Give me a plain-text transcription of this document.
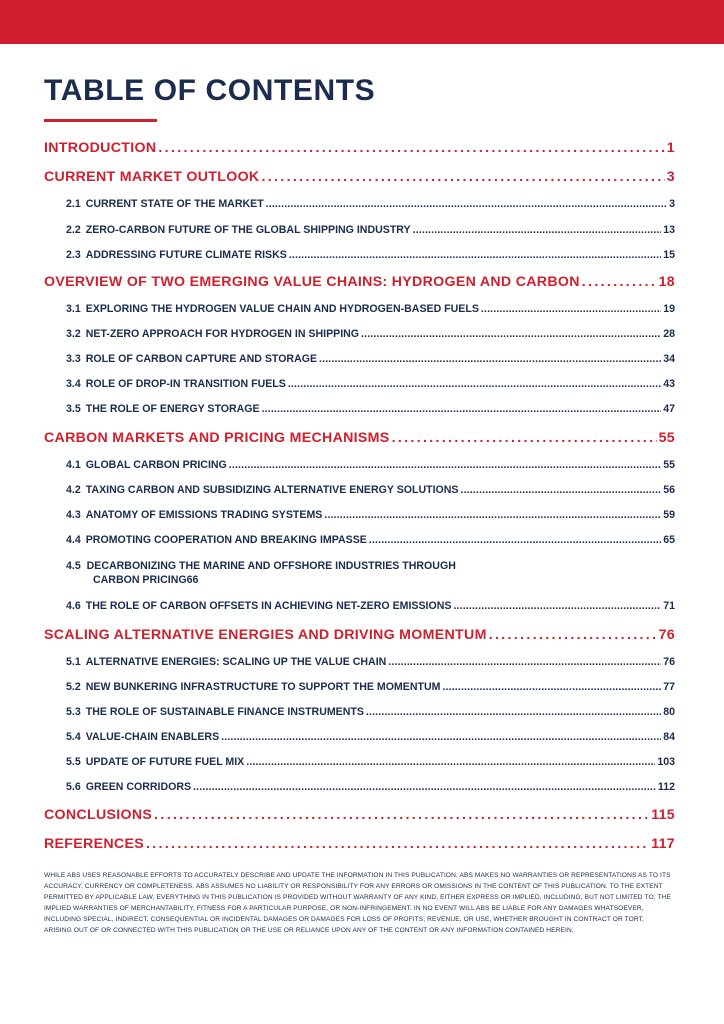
TABLE OF CONTENTS
INTRODUCTION . . .	1
CURRENT MARKET OUTLOOK . . .	3
2.1 CURRENT STATE OF THE MARKET . . .	3
2.2 ZERO-CARBON FUTURE OF THE GLOBAL SHIPPING INDUSTRY . . .	13
2.3 ADDRESSING FUTURE CLIMATE RISKS . . .	15
OVERVIEW OF TWO EMERGING VALUE CHAINS: HYDROGEN AND CARBON . . .	18
3.1 EXPLORING THE HYDROGEN VALUE CHAIN AND HYDROGEN-BASED FUELS . . .	19
3.2 NET-ZERO APPROACH FOR HYDROGEN IN SHIPPING . . .	28
3.3 ROLE OF CARBON CAPTURE AND STORAGE . . .	34
3.4 ROLE OF DROP-IN TRANSITION FUELS . . .	43
3.5 THE ROLE OF ENERGY STORAGE . . .	47
CARBON MARKETS AND PRICING MECHANISMS . . .	55
4.1 GLOBAL CARBON PRICING . . .	55
4.2 TAXING CARBON AND SUBSIDIZING ALTERNATIVE ENERGY SOLUTIONS . . .	56
4.3 ANATOMY OF EMISSIONS TRADING SYSTEMS . . .	59
4.4 PROMOTING COOPERATION AND BREAKING IMPASSE . . .	65
4.5 DECARBONIZING THE MARINE AND OFFSHORE INDUSTRIES THROUGH
CARBON PRICING 66
4.6 THE ROLE OF CARBON OFFSETS IN ACHIEVING NET-ZERO EMISSIONS . . .	71
SCALING ALTERNATIVE ENERGIES AND DRIVING MOMENTUM . . .	76
5.1 ALTERNATIVE ENERGIES: SCALING UP THE VALUE CHAIN . . .	76
5.2 NEW BUNKERING INFRASTRUCTURE TO SUPPORT THE MOMENTUM . . .	77
5.3 THE ROLE OF SUSTAINABLE FINANCE INSTRUMENTS . . .	80
5.4 VALUE-CHAIN ENABLERS . . .	84
5.5 UPDATE OF FUTURE FUEL MIX . . .	103
5.6 GREEN CORRIDORS . . .	112
CONCLUSIONS . . .	115
REFERENCES . . .	117

WHILE ABS USES REASONABLE EFFORTS TO ACCURATELY DESCRIBE AND UPDATE THE INFORMATION IN THIS PUBLICATION, ABS MAKES NO WARRANTIES OR REPRESENTATIONS AS TO ITS ACCURACY, CURRENCY OR COMPLETENESS. ABS ASSUMES NO LIABILITY OR RESPONSIBILITY FOR ANY ERRORS OR OMISSIONS IN THE CONTENT OF THIS PUBLICATION. TO THE EXTENT PERMITTED BY APPLICABLE LAW, EVERYTHING IN THIS PUBLICATION IS PROVIDED WITHOUT WARRANTY OF ANY KIND, EITHER EXPRESS OR IMPLIED, INCLUDING, BUT NOT LIMITED TO, THE IMPLIED WARRANTIES OF MERCHANTABILITY, FITNESS FOR A PARTICULAR PURPOSE, OR NON-INFRINGEMENT. IN NO EVENT WILL ABS BE LIABLE FOR ANY DAMAGES WHATSOEVER, INCLUDING SPECIAL, INDIRECT, CONSEQUENTIAL OR INCIDENTAL DAMAGES OR DAMAGES FOR LOSS OF PROFITS, REVENUE, OR USE, WHETHER BROUGHT IN CONTRACT OR TORT, ARISING OUT OF OR CONNECTED WITH THIS PUBLICATION OR THE USE OR RELIANCE UPON ANY OF THE CONTENT OR ANY INFORMATION CONTAINED HEREIN.
